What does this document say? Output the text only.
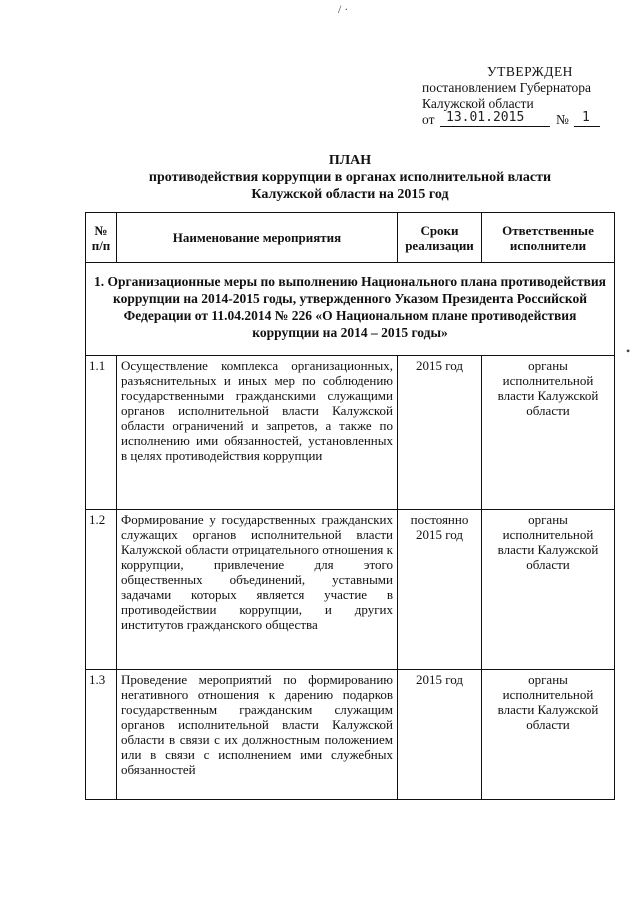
/ ·
•
УТВЕРЖДЕН
постановлением Губернатора
Калужской области
от 13.01.2015 № 1
ПЛАН
противодействия коррупции в органах исполнительной власти
Калужской области на 2015 год
№
п/п	Наименование мероприятия	Сроки реализации	Ответственные исполнители
1. Организационные меры по выполнению Национального плана противодействия коррупции на 2014-2015 годы, утвержденного Указом Президента Российской Федерации от 11.04.2014 № 226 «О Национальном плане противодействия коррупции на 2014 – 2015 годы»			
1.1	Осуществление комплекса организационных, разъяснительных и иных мер по соблюдению государственными гражданскими служащими органов исполнительной власти Калужской области ограничений и запретов, а также по исполнению ими обязанностей, установленных в целях противодействия коррупции	2015 год	органы исполнительной власти Калужской области
1.2	Формирование у государственных гражданских служащих органов исполнительной власти Калужской области отрицательного отношения к коррупции, привлечение для этого общественных объединений, уставными задачами которых является участие в противодействии коррупции, и других институтов гражданского общества	постоянно 2015 год	органы исполнительной власти Калужской области
1.3	Проведение мероприятий по формированию негативного отношения к дарению подарков государственным гражданским служащим органов исполнительной власти Калужской области в связи с их должностным положением или в связи с исполнением ими служебных обязанностей	2015 год	органы исполнительной власти Калужской области
